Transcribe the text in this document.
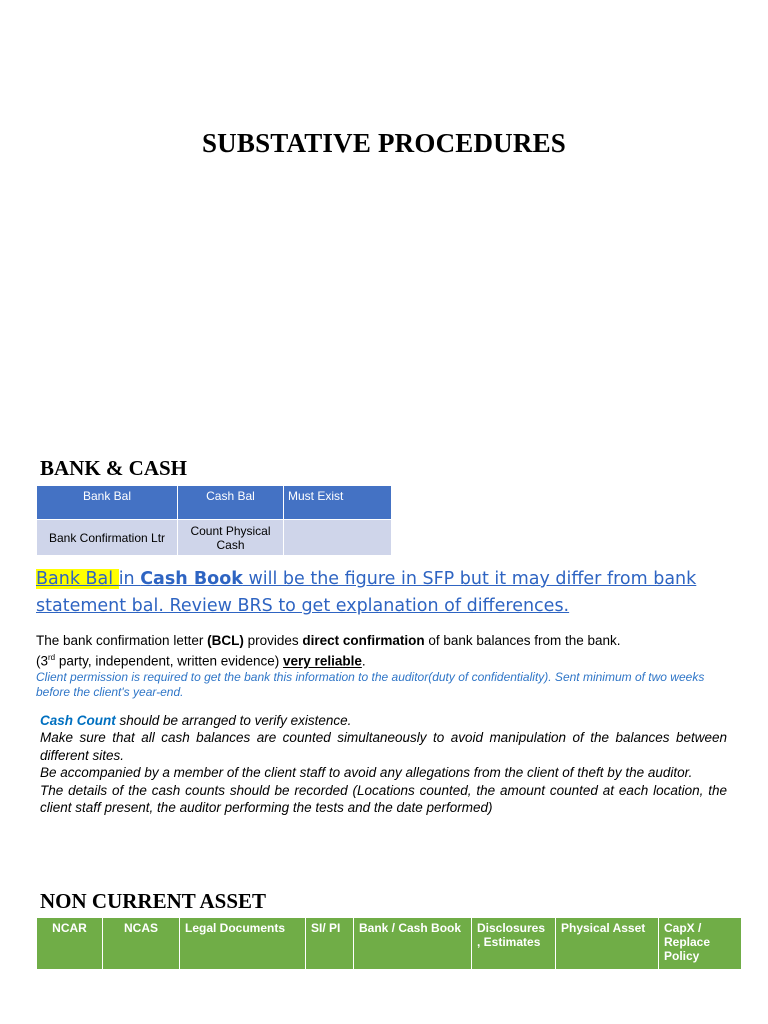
SUBSTATIVE PROCEDURES
BANK & CASH
Bank Bal	Cash Bal	Must Exist
Bank Confirmation Ltr	Count Physical Cash	
Bank Bal in Cash Book will be the figure in SFP but it may differ from bank statement bal. Review BRS to get explanation of differences.
The bank confirmation letter (BCL) provides direct confirmation of bank balances from the bank.
(3rd party, independent, written evidence) very reliable.
Client permission is required to get the bank this information to the auditor(duty of confidentiality). Sent minimum of two weeks before the client's year-end.

Cash Count should be arranged to verify existence.

Make sure that all cash balances are counted simultaneously to avoid manipulation of the balances between different sites.

Be accompanied by a member of the client staff to avoid any allegations from the client of theft by the auditor.

The details of the cash counts should be recorded (Locations counted, the amount counted at each location, the client staff present, the auditor performing the tests and the date performed)

NON CURRENT ASSET
NCAR	NCAS	Legal Documents	SI/ PI	Bank / Cash Book	Disclosures , Estimates	Physical Asset	CapX / Replace Policy
